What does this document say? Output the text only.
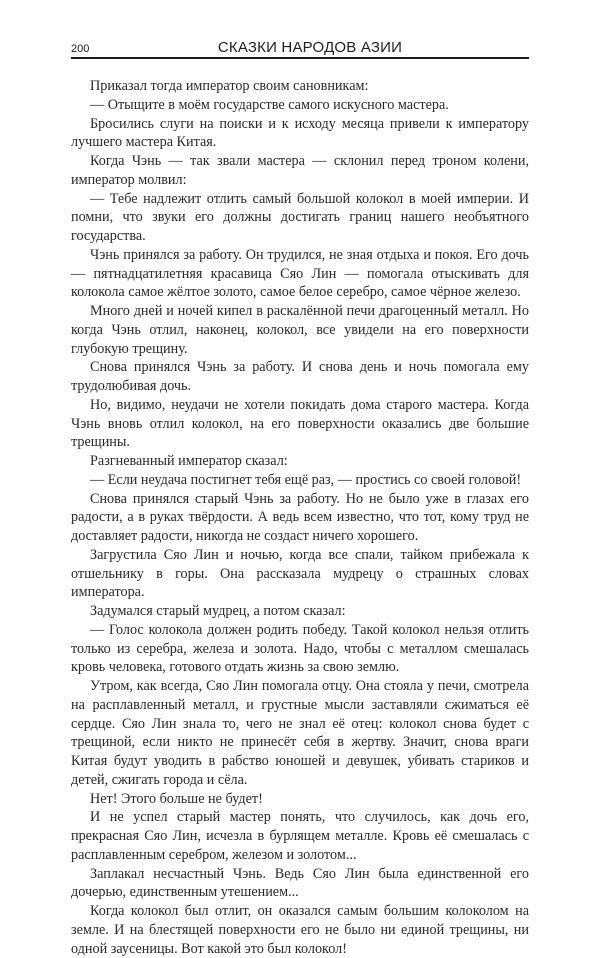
200	СКАЗКИ НАРОДОВ АЗИИ

Приказал тогда император своим сановникам:

— Отыщите в моём государстве самого искусного мастера.

Бросились слуги на поиски и к исходу месяца привели к императору лучшего мастера Китая.

Когда Чэнь — так звали мастера — склонил перед троном колени, император молвил:

— Тебе надлежит отлить самый большой колокол в моей империи. И помни, что звуки его должны достигать границ нашего необъятного государства.

Чэнь принялся за работу. Он трудился, не зная отдыха и покоя. Его дочь — пятнадцатилетняя красавица Сяо Лин — помогала отыскивать для колокола самое жёлтое золото, самое белое серебро, самое чёрное железо.

Много дней и ночей кипел в раскалённой печи драгоценный металл. Но когда Чэнь отлил, наконец, колокол, все увидели на его поверхности глубокую трещину.

Снова принялся Чэнь за работу. И снова день и ночь помогала ему трудолюбивая дочь.

Но, видимо, неудачи не хотели покидать дома старого мастера. Когда Чэнь вновь отлил колокол, на его поверхности оказались две большие трещины.

Разгневанный император сказал:

— Если неудача постигнет тебя ещё раз, — простись со своей головой!

Снова принялся старый Чэнь за работу. Но не было уже в глазах его радости, а в руках твёрдости. А ведь всем известно, что тот, кому труд не доставляет радости, никогда не создаст ничего хорошего.

Загрустила Сяо Лин и ночью, когда все спали, тайком прибежала к отшельнику в горы. Она рассказала мудрецу о страшных словах императора.

Задумался старый мудрец, а потом сказал:

— Голос колокола должен родить победу. Такой колокол нельзя отлить только из серебра, железа и золота. Надо, чтобы с металлом смешалась кровь человека, готового отдать жизнь за свою землю.

Утром, как всегда, Сяо Лин помогала отцу. Она стояла у печи, смотрела на расплавленный металл, и грустные мысли заставляли сжиматься её сердце. Сяо Лин знала то, чего не знал её отец: колокол снова будет с трещиной, если никто не принесёт себя в жертву. Значит, снова враги Китая будут уводить в рабство юношей и девушек, убивать стариков и детей, сжигать города и сёла.

Нет! Этого больше не будет!

И не успел старый мастер понять, что случилось, как дочь его, прекрасная Сяо Лин, исчезла в бурлящем металле. Кровь её смешалась с расплавленным серебром, железом и золотом...

Заплакал несчастный Чэнь. Ведь Сяо Лин была единственной его дочерью, единственным утешением...

Когда колокол был отлит, он оказался самым большим колоколом на земле. И на блестящей поверхности его не было ни единой трещины, ни одной заусеницы. Вот какой это был колокол!
